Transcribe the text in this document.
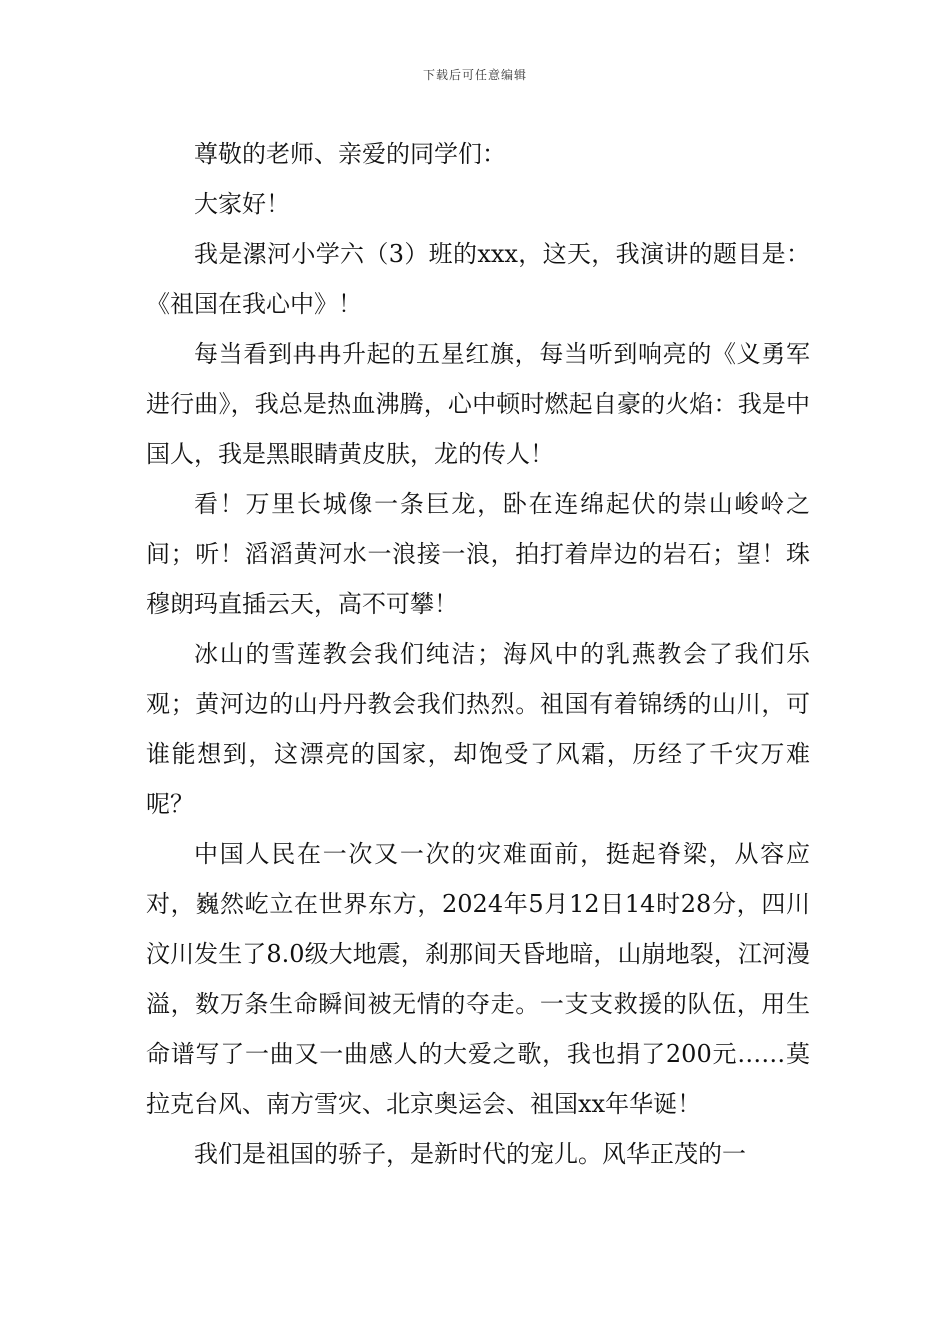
下载后可任意编辑

尊敬的老师、亲爱的同学们：

大家好！

我是漯河小学六（3）班的xxx，这天，我演讲的题目是：《祖国在我心中》！

每当看到冉冉升起的五星红旗，每当听到响亮的《义勇军进行曲》，我总是热血沸腾，心中顿时燃起自豪的火焰：我是中国人，我是黑眼睛黄皮肤，龙的传人！

看！万里长城像一条巨龙，卧在连绵起伏的崇山峻岭之间；听！滔滔黄河水一浪接一浪，拍打着岸边的岩石；望！珠穆朗玛直插云天，高不可攀！

冰山的雪莲教会我们纯洁；海风中的乳燕教会了我们乐观；黄河边的山丹丹教会我们热烈。祖国有着锦绣的山川，可谁能想到，这漂亮的国家，却饱受了风霜，历经了千灾万难呢？

中国人民在一次又一次的灾难面前，挺起脊梁，从容应对，巍然屹立在世界东方，2024年5月12日14时28分，四川汶川发生了8.0级大地震，刹那间天昏地暗，山崩地裂，江河漫溢，数万条生命瞬间被无情的夺走。一支支救援的队伍，用生命谱写了一曲又一曲感人的大爱之歌，我也捐了200元……莫拉克台风、南方雪灾、北京奥运会、祖国xx年华诞！

我们是祖国的骄子，是新时代的宠儿。风华正茂的一
